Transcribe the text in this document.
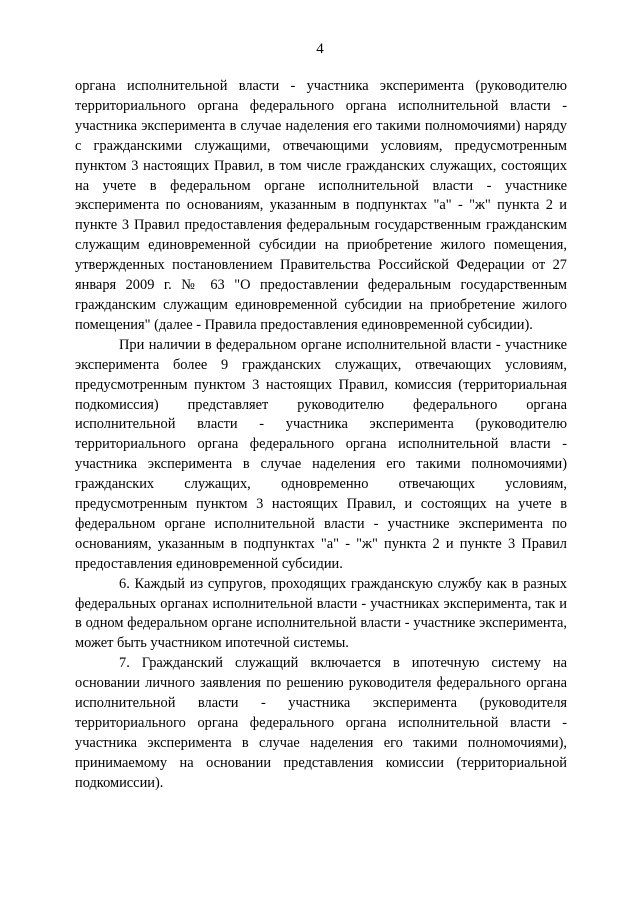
4

органа исполнительной власти - участника эксперимента (руководителю территориального органа федерального органа исполнительной власти - участника эксперимента в случае наделения его такими полномочиями) наряду с гражданскими служащими, отвечающими условиям, предусмотренным пунктом 3 настоящих Правил, в том числе гражданских служащих, состоящих на учете в федеральном органе исполнительной власти - участнике эксперимента по основаниям, указанным в подпунктах "а" - "ж" пункта 2 и пункте 3 Правил предоставления федеральным государственным гражданским служащим единовременной субсидии на приобретение жилого помещения, утвержденных постановлением Правительства Российской Федерации от 27 января 2009 г. № 63 "О предоставлении федеральным государственным гражданским служащим единовременной субсидии на приобретение жилого помещения" (далее - Правила предоставления единовременной субсидии).

При наличии в федеральном органе исполнительной власти - участнике эксперимента более 9 гражданских служащих, отвечающих условиям, предусмотренным пунктом 3 настоящих Правил, комиссия (территориальная подкомиссия) представляет руководителю федерального органа исполнительной власти - участника эксперимента (руководителю территориального органа федерального органа исполнительной власти - участника эксперимента в случае наделения его такими полномочиями) гражданских служащих, одновременно отвечающих условиям, предусмотренным пунктом 3 настоящих Правил, и состоящих на учете в федеральном органе исполнительной власти - участнике эксперимента по основаниям, указанным в подпунктах "а" - "ж" пункта 2 и пункте 3 Правил предоставления единовременной субсидии.

6. Каждый из супругов, проходящих гражданскую службу как в разных федеральных органах исполнительной власти - участниках эксперимента, так и в одном федеральном органе исполнительной власти - участнике эксперимента, может быть участником ипотечной системы.

7. Гражданский служащий включается в ипотечную систему на основании личного заявления по решению руководителя федерального органа исполнительной власти - участника эксперимента (руководителя территориального органа федерального органа исполнительной власти - участника эксперимента в случае наделения его такими полномочиями), принимаемому на основании представления комиссии (территориальной подкомиссии).
